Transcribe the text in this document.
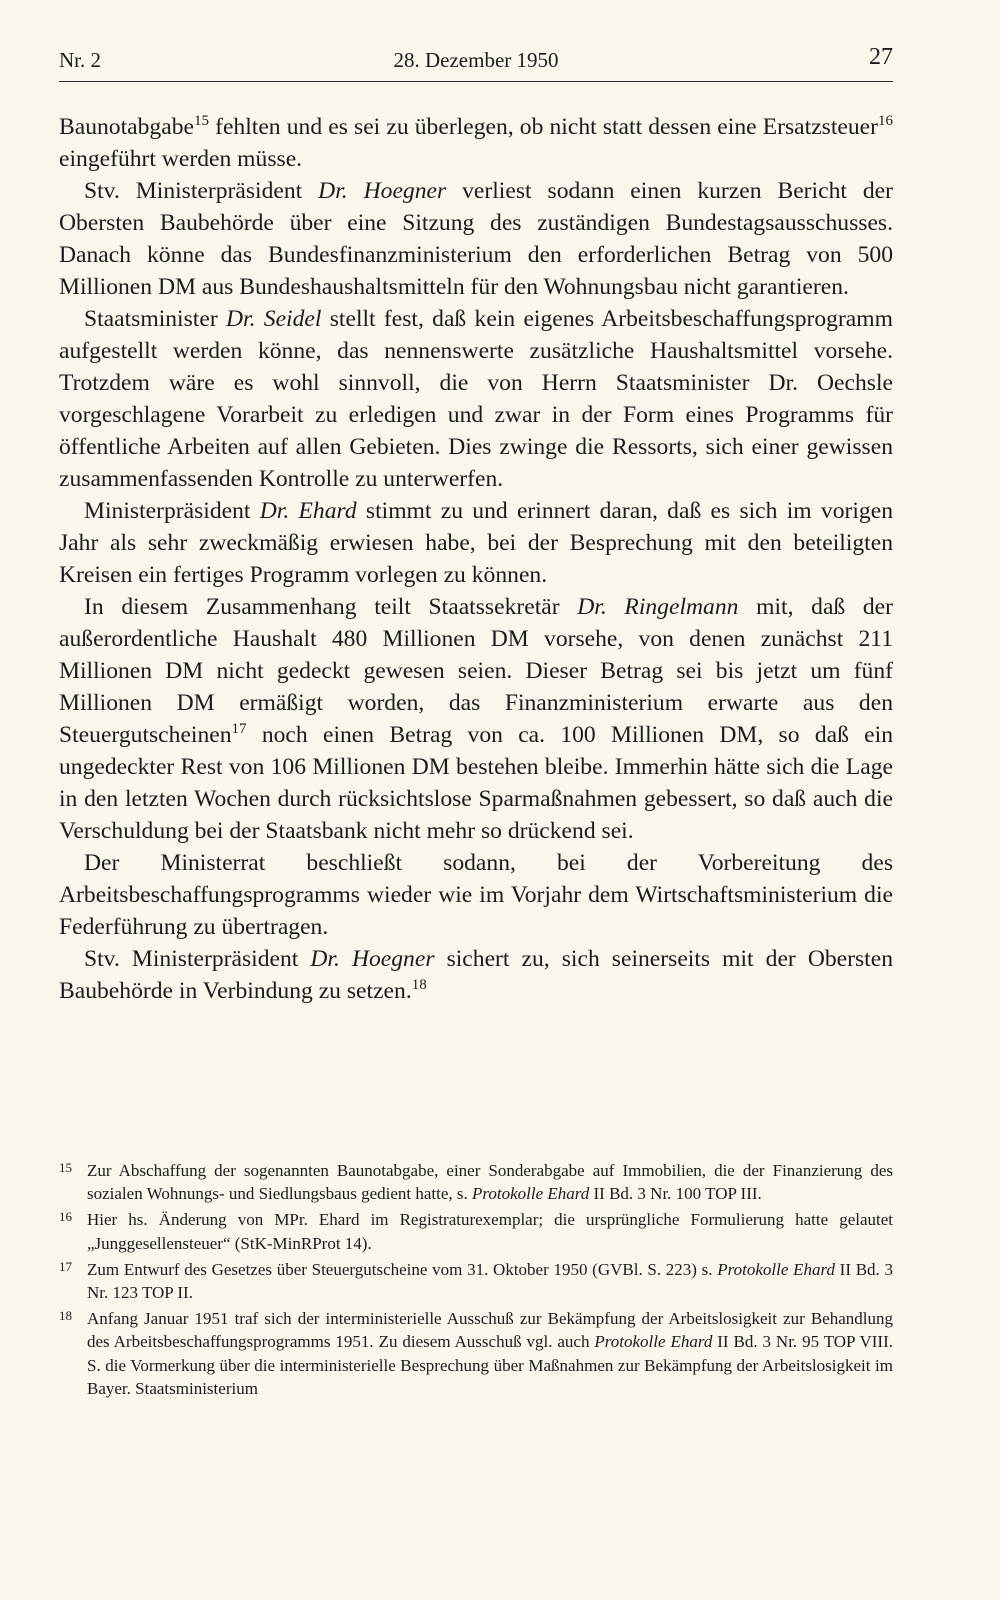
Nr. 2	28. Dezember 1950	27

Baunotabgabe$^{15}$ fehlten und es sei zu überlegen, ob nicht statt dessen eine Ersatzsteuer$^{16}$ eingeführt werden müsse.

Stv. Ministerpräsident Dr. Hoegner verliest sodann einen kurzen Bericht der Obersten Baubehörde über eine Sitzung des zuständigen Bundestagsausschusses. Danach könne das Bundesfinanzministerium den erforderlichen Betrag von 500 Millionen DM aus Bundeshaushaltsmitteln für den Wohnungsbau nicht garantieren.

Staatsminister Dr. Seidel stellt fest, daß kein eigenes Arbeitsbeschaffungsprogramm aufgestellt werden könne, das nennenswerte zusätzliche Haushaltsmittel vorsehe. Trotzdem wäre es wohl sinnvoll, die von Herrn Staatsminister Dr. Oechsle vorgeschlagene Vorarbeit zu erledigen und zwar in der Form eines Programms für öffentliche Arbeiten auf allen Gebieten. Dies zwinge die Ressorts, sich einer gewissen zusammenfassenden Kontrolle zu unterwerfen.

Ministerpräsident Dr. Ehard stimmt zu und erinnert daran, daß es sich im vorigen Jahr als sehr zweckmäßig erwiesen habe, bei der Besprechung mit den beteiligten Kreisen ein fertiges Programm vorlegen zu können.

In diesem Zusammenhang teilt Staatssekretär Dr. Ringelmann mit, daß der außerordentliche Haushalt 480 Millionen DM vorsehe, von denen zunächst 211 Millionen DM nicht gedeckt gewesen seien. Dieser Betrag sei bis jetzt um fünf Millionen DM ermäßigt worden, das Finanzministerium erwarte aus den Steuergutscheinen$^{17}$ noch einen Betrag von ca. 100 Millionen DM, so daß ein ungedeckter Rest von 106 Millionen DM bestehen bleibe. Immerhin hätte sich die Lage in den letzten Wochen durch rücksichtslose Sparmaßnahmen gebessert, so daß auch die Verschuldung bei der Staatsbank nicht mehr so drückend sei.

Der Ministerrat beschließt sodann, bei der Vorbereitung des Arbeitsbeschaffungsprogramms wieder wie im Vorjahr dem Wirtschaftsministerium die Federführung zu übertragen.

Stv. Ministerpräsident Dr. Hoegner sichert zu, sich seinerseits mit der Obersten Baubehörde in Verbindung zu setzen.$^{18}$

15 Zur Abschaffung der sogenannten Baunotabgabe, einer Sonderabgabe auf Immobilien, die der Finanzierung des sozialen Wohnungs- und Siedlungsbaus gedient hatte, s. Protokolle Ehard II Bd. 3 Nr. 100 TOP III.
16 Hier hs. Änderung von MPr. Ehard im Registraturexemplar; die ursprüngliche Formulierung hatte gelautet „Junggesellensteuer“ (StK-MinRProt 14).
17 Zum Entwurf des Gesetzes über Steuergutscheine vom 31. Oktober 1950 (GVBl. S. 223) s. Protokolle Ehard II Bd. 3 Nr. 123 TOP II.
18 Anfang Januar 1951 traf sich der interministerielle Ausschuß zur Bekämpfung der Arbeitslosigkeit zur Behandlung des Arbeitsbeschaffungsprogramms 1951. Zu diesem Ausschuß vgl. auch Protokolle Ehard II Bd. 3 Nr. 95 TOP VIII. S. die Vormerkung über die interministerielle Besprechung über Maßnahmen zur Bekämpfung der Arbeitslosigkeit im Bayer. Staatsministerium
